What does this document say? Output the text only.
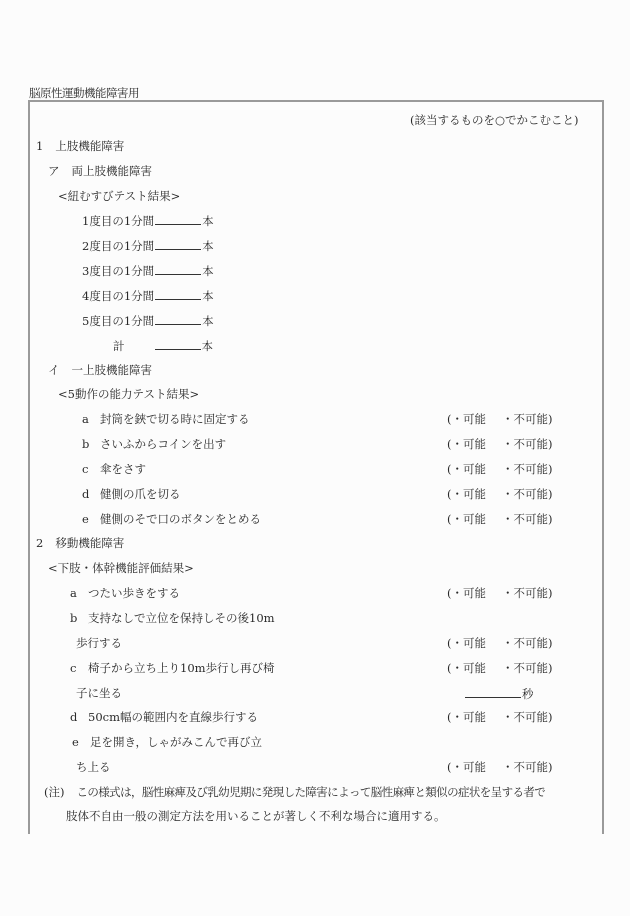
脳原性運動機能障害用
(該当するものを○でかこむこと)
1 上肢機能障害
ア 両上肢機能障害
<紐むすびテスト結果>
1度目の1分間	本
2度目の1分間	本
3度目の1分間	本
4度目の1分間	本
5度目の1分間	本
計	本
イ 一上肢機能障害
<5動作の能力テスト結果>
a 封筒を鋏で切る時に固定する	(・可能 ・不可能)
b さいふからコインを出す	(・可能 ・不可能)
c 傘をさす	(・可能 ・不可能)
d 健側の爪を切る	(・可能 ・不可能)
e 健側のそで口のボタンをとめる	(・可能 ・不可能)
2 移動機能障害
<下肢・体幹機能評価結果>
a つたい歩きをする	(・可能 ・不可能)
b 支持なしで立位を保持しその後10m
歩行する	(・可能 ・不可能)
c 椅子から立ち上り10m歩行し再び椅	(・可能 ・不可能)
子に坐る	秒
d 50cm幅の範囲内を直線歩行する	(・可能 ・不可能)
e 足を開き，しゃがみこんで再び立
ち上る	(・可能 ・不可能)
(注) この様式は，脳性麻痺及び乳幼児期に発現した障害によって脳性麻痺と類似の症状を呈する者で
肢体不自由一般の測定方法を用いることが著しく不利な場合に適用する。
